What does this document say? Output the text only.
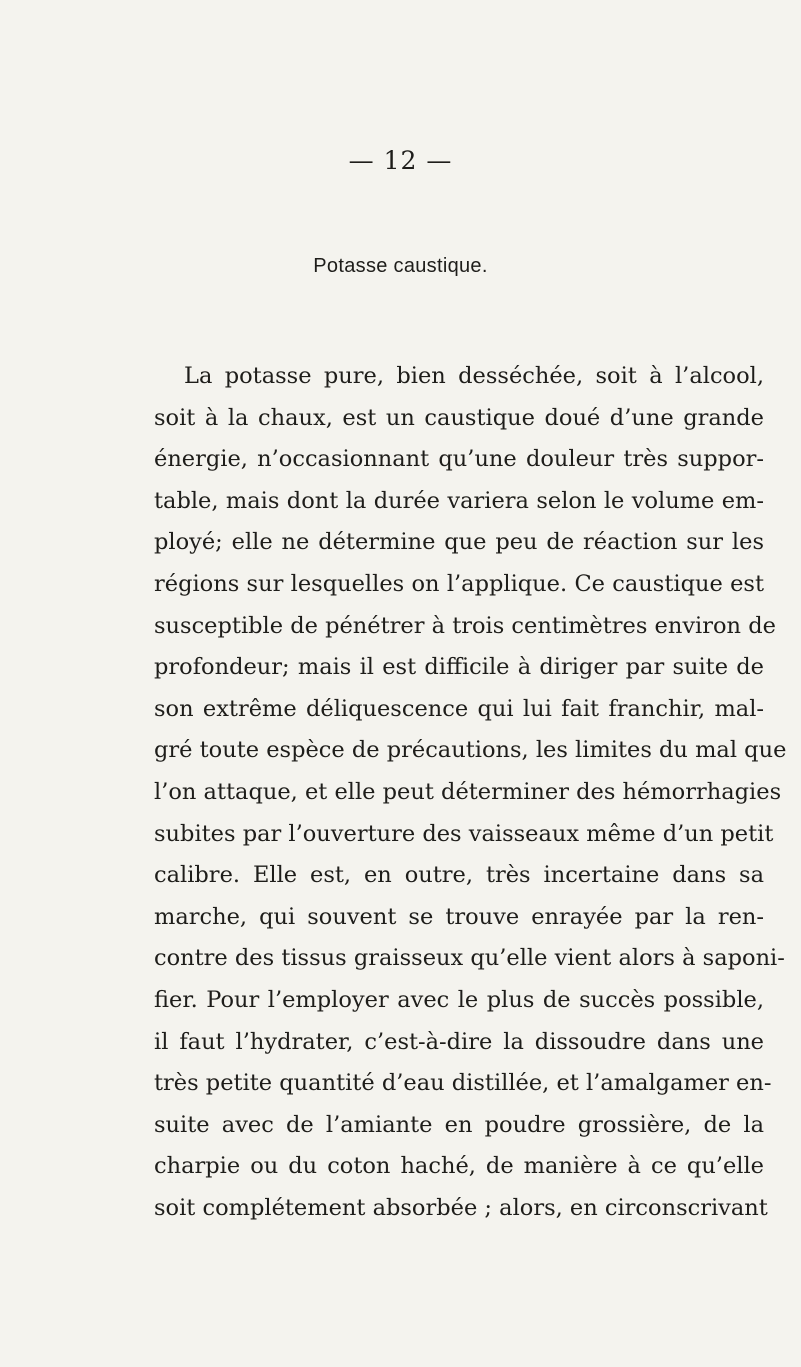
— 12 —
Potasse caustique.
La potasse pure, bien desséchée, soit à l’alcool,
soit à la chaux, est un caustique doué d’une grande
énergie, n’occasionnant qu’une douleur très suppor-
table, mais dont la durée variera selon le volume em-
ployé; elle ne détermine que peu de réaction sur les
régions sur lesquelles on l’applique. Ce caustique est
susceptible de pénétrer à trois centimètres environ de
profondeur; mais il est difficile à diriger par suite de
son extrême déliquescence qui lui fait franchir, mal-
gré toute espèce de précautions, les limites du mal que
l’on attaque, et elle peut déterminer des hémorrhagies
subites par l’ouverture des vaisseaux même d’un petit
calibre. Elle est, en outre, très incertaine dans sa
marche, qui souvent se trouve enrayée par la ren-
contre des tissus graisseux qu’elle vient alors à saponi-
fier. Pour l’employer avec le plus de succès possible,
il faut l’hydrater, c’est-à-dire la dissoudre dans une
très petite quantité d’eau distillée, et l’amalgamer en-
suite avec de l’amiante en poudre grossière, de la
charpie ou du coton haché, de manière à ce qu’elle
soit complétement absorbée ; alors, en circonscrivant
